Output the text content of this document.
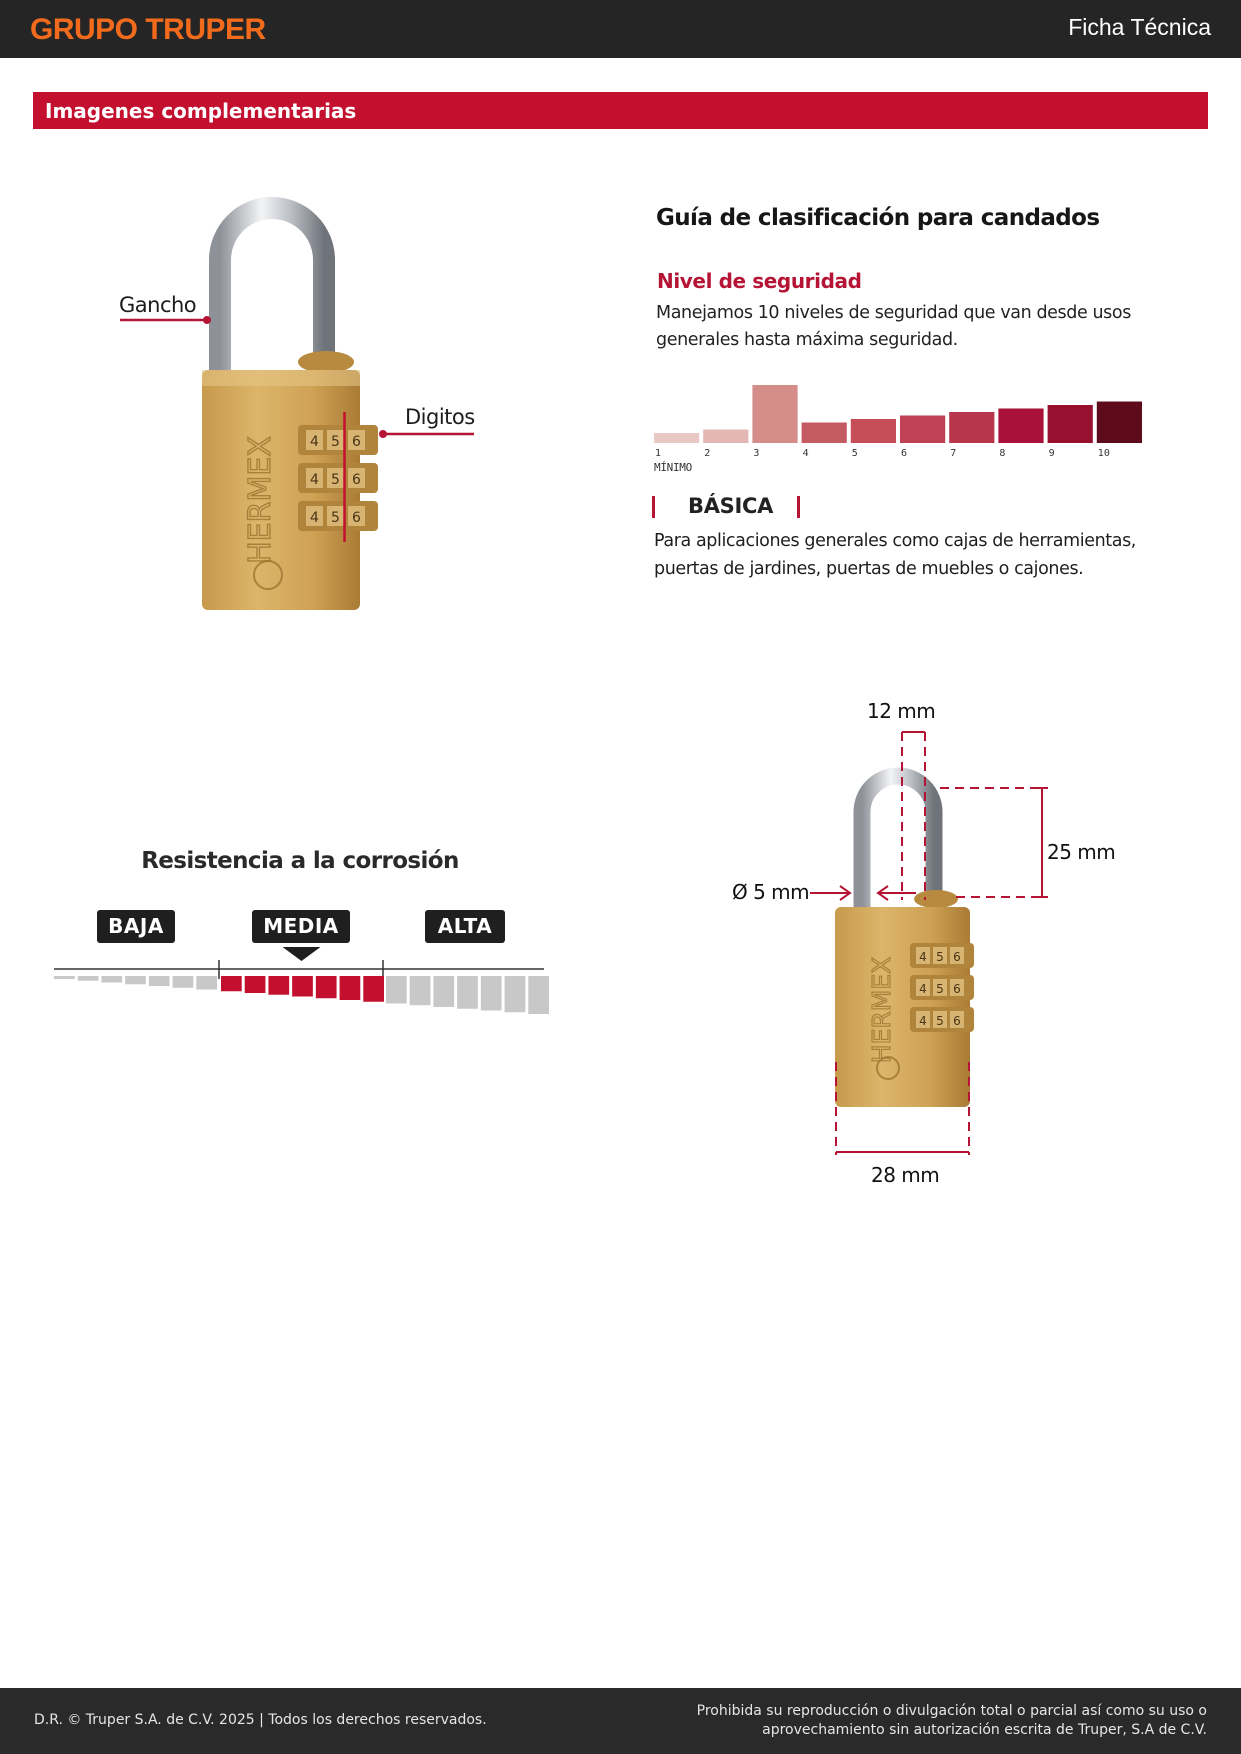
GRUPO TRUPER	Ficha Técnica
Imagenes complementarias
HERMEX 4 5 6
4 5 6
4 5 6
Gancho
Digitos
Guía de clasificación para candados
Nivel de seguridad
Manejamos 10 niveles de seguridad que van desde usos generales hasta máxima seguridad.
1	2	3	4	5	6	7	8	9	10
MÍNIMO
BÁSICA
Para aplicaciones generales como cajas de herramientas, puertas de jardines, puertas de muebles o cajones.
Resistencia a la corrosión
BAJA	MEDIA	ALTA
HERMEX 4 5 6
4 5 6
4 5 6
12 mm
25 mm
Ø 5 mm
28 mm
D.R. © Truper S.A. de C.V. 2025 | Todos los derechos reservados.
Prohibida su reproducción o divulgación total o parcial así como su uso o
aprovechamiento sin autorización escrita de Truper, S.A de C.V.
